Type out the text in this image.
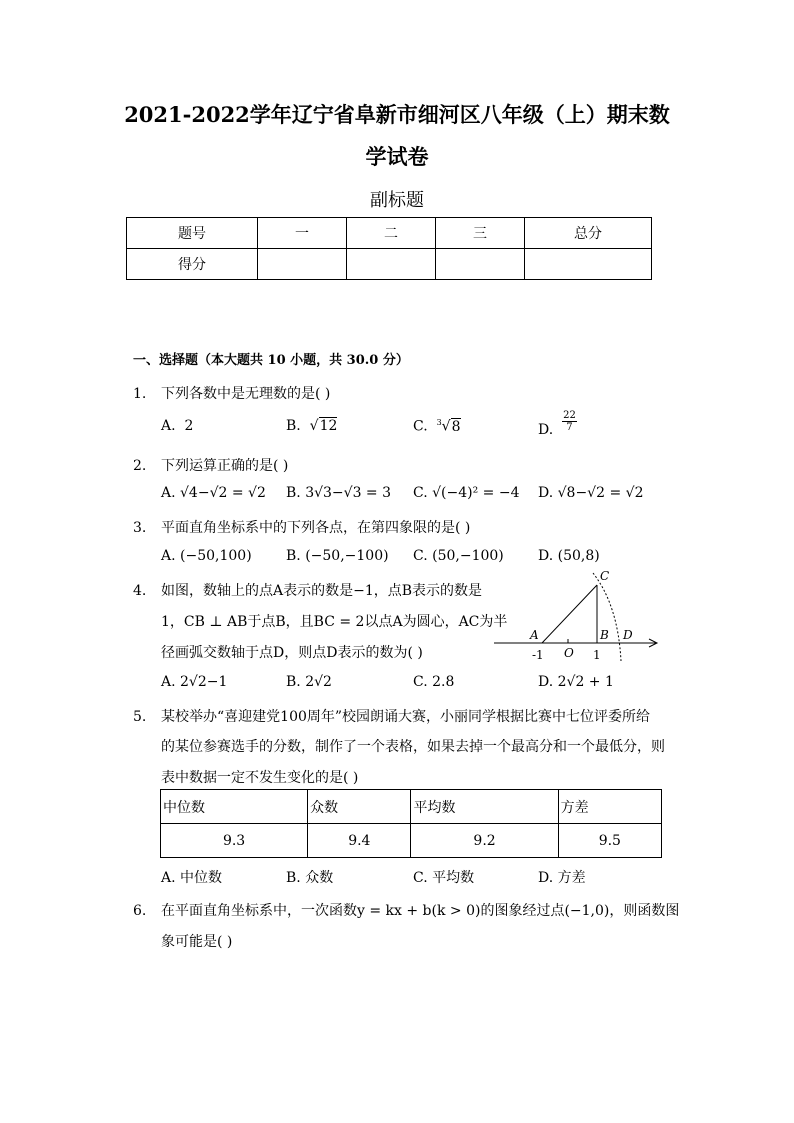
2021-2022学年辽宁省阜新市细河区八年级（上）期末数
学试卷
副标题
题号	一	二	三	总分
得分				
一、选择题（本大题共 10 小题，共 30.0 分）
1. 下列各数中是无理数的是( )
A. 2	B.  √12	C. $^3$√8	D. $\frac{22}{7}$
2. 下列运算正确的是( )
A. √4−√2 = √2 B. 3√3−√3 = 3 C. √(−4)² = −4 D. √8−√2 = √2
3. 平面直角坐标系中的下列各点，在第四象限的是( )
A. (−50,100) B. (−50,−100) C. (50,−100) D. (50,8)
4. 如图，数轴上的点A表示的数是−1，点B表示的数是
1，CB ⊥ AB于点B，且BC = 2以点A为圆心，AC为半
径画弧交数轴于点D，则点D表示的数为( )
A. 2√2−1	B. 2√2	C. 2.8	D. 2√2 + 1
A
C
B D
-1 O 1
5. 某校举办“喜迎建党100周年”校园朗诵大赛，小丽同学根据比赛中七位评委所给
的某位参赛选手的分数，制作了一个表格，如果去掉一个最高分和一个最低分，则
表中数据一定不发生变化的是( )
中位数	众数	平均数	方差
9.3	9.4	9.2	9.5
A. 中位数	B. 众数	C. 平均数	D. 方差
6. 在平面直角坐标系中，一次函数y = kx + b(k > 0)的图象经过点(−1,0)，则函数图
象可能是( )
